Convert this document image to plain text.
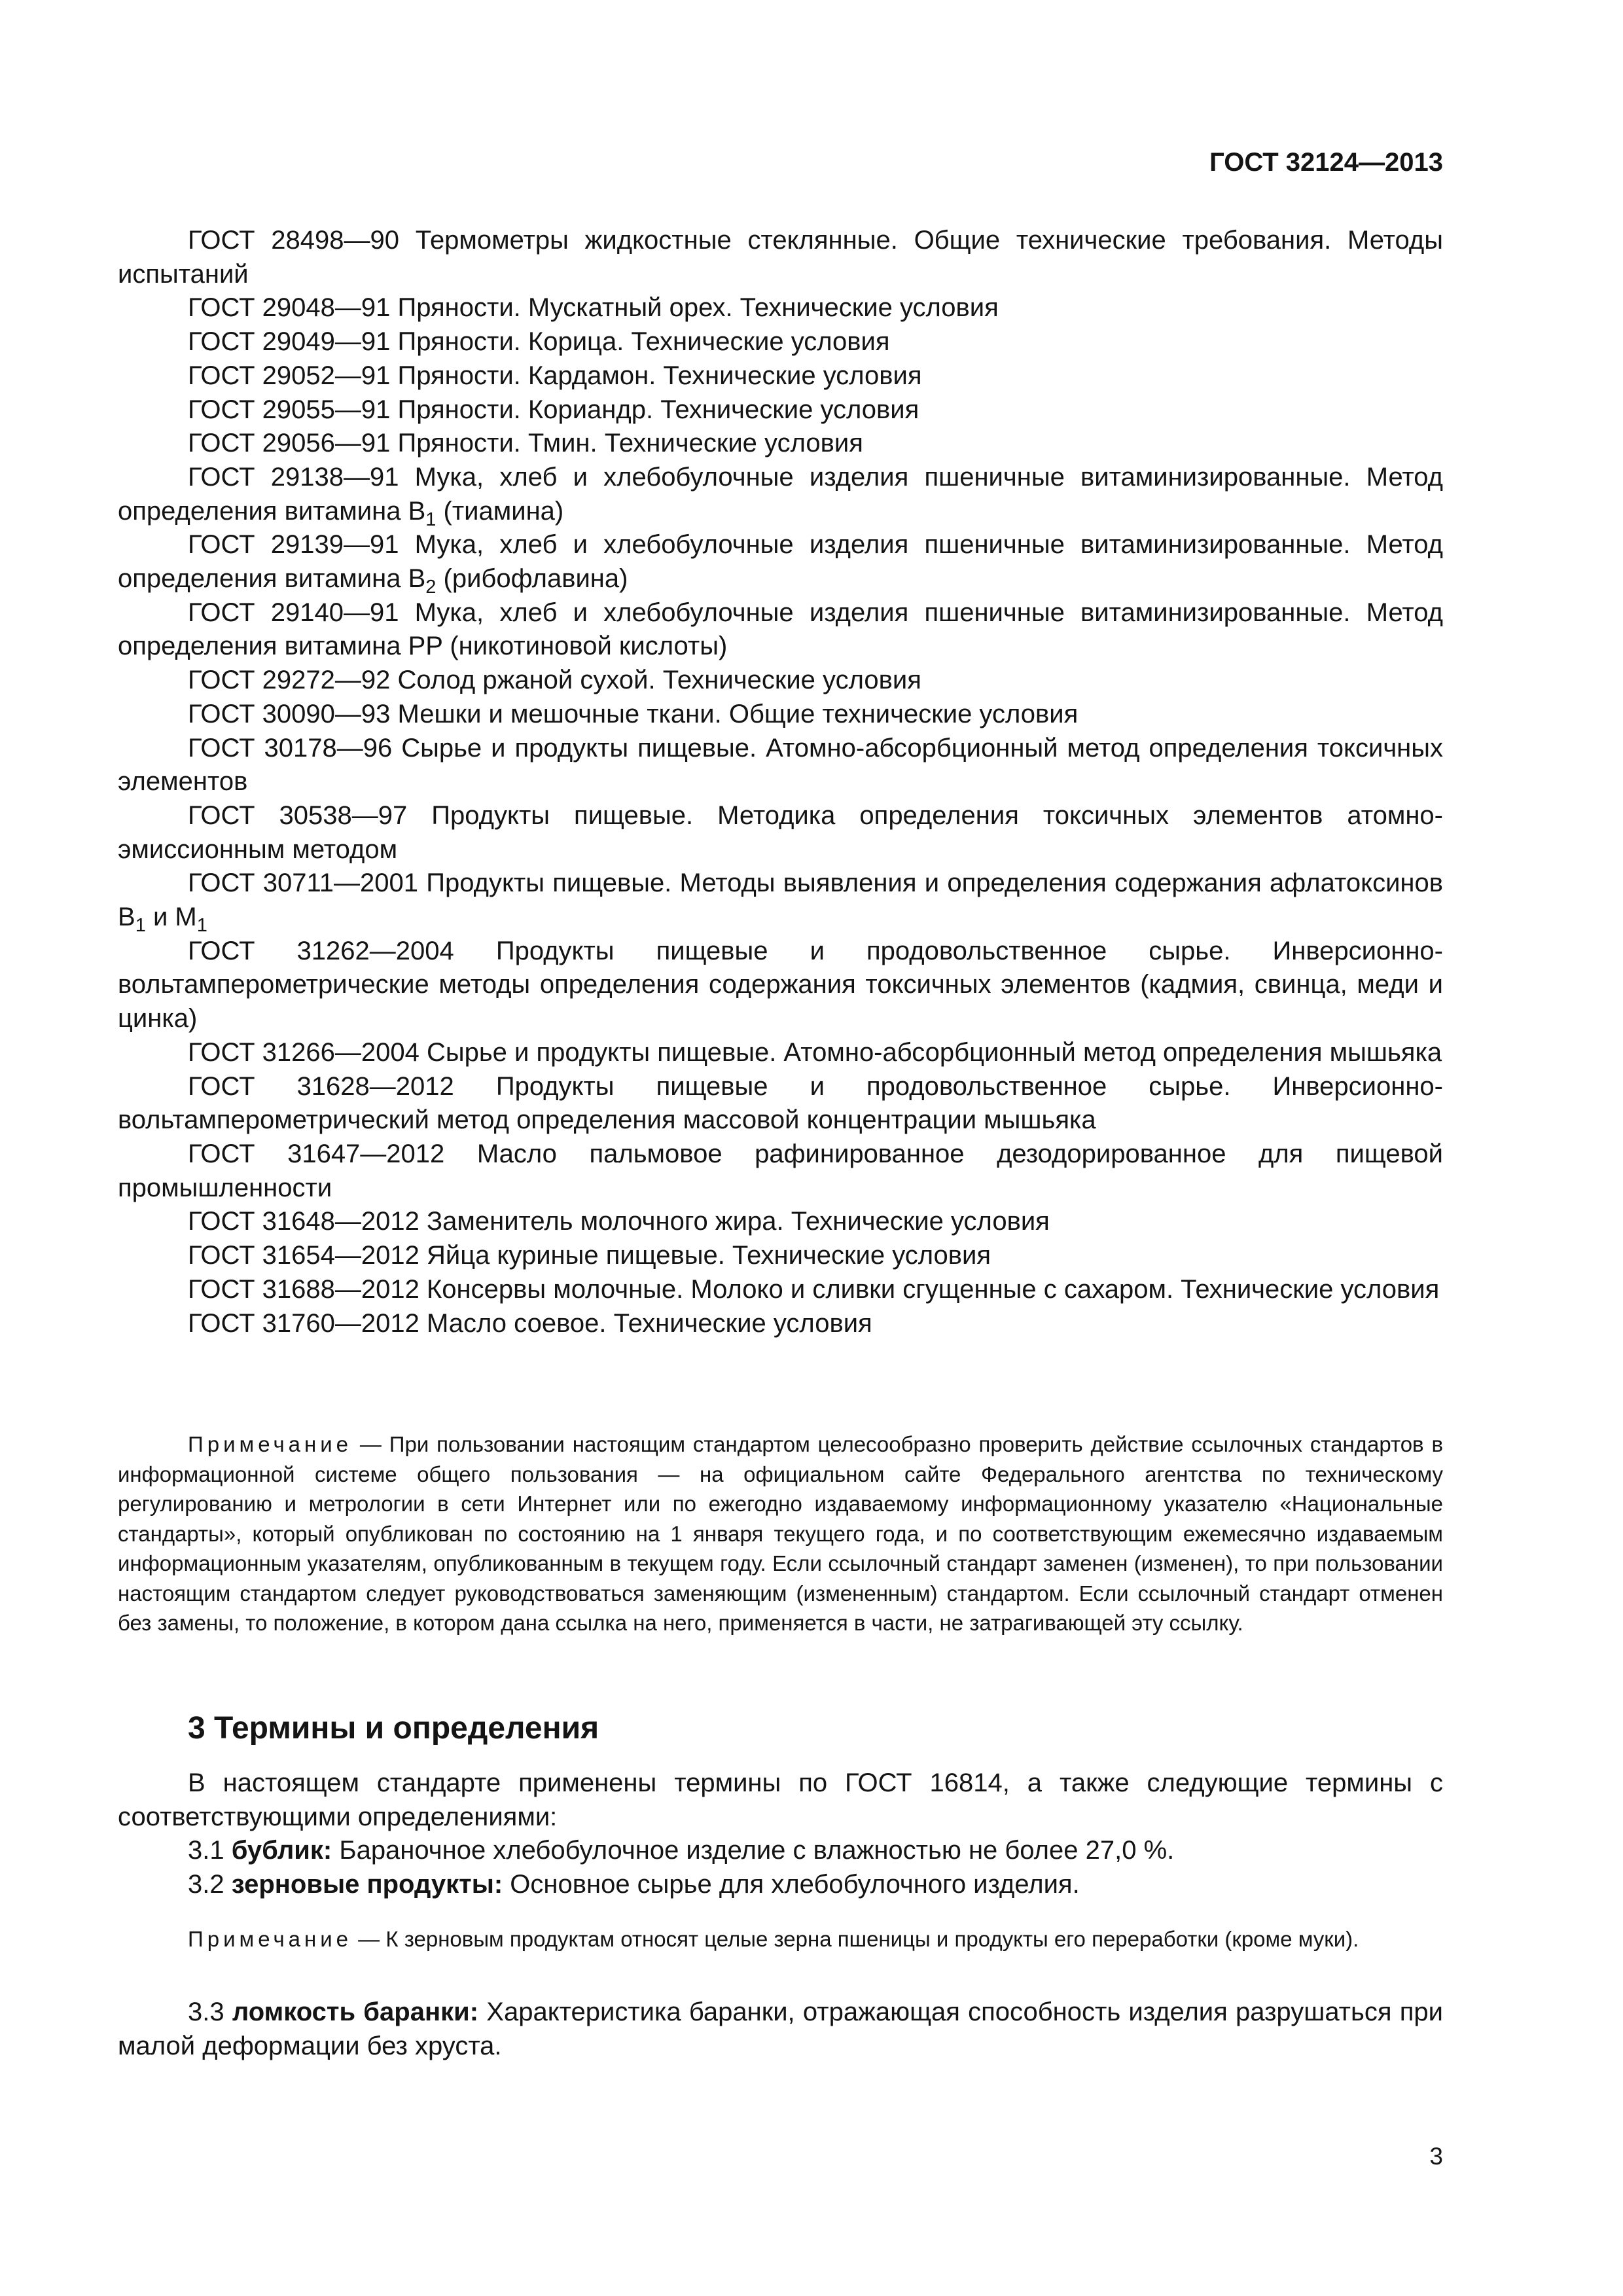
ГОСТ 32124—2013

ГОСТ 28498—90 Термометры жидкостные стеклянные. Общие технические требования. Методы испытаний

ГОСТ 29048—91 Пряности. Мускатный орех. Технические условия

ГОСТ 29049—91 Пряности. Корица. Технические условия

ГОСТ 29052—91 Пряности. Кардамон. Технические условия

ГОСТ 29055—91 Пряности. Кориандр. Технические условия

ГОСТ 29056—91 Пряности. Тмин. Технические условия

ГОСТ 29138—91 Мука, хлеб и хлебобулочные изделия пшеничные витаминизированные. Метод определения витамина $В_1$ (тиамина)

ГОСТ 29139—91 Мука, хлеб и хлебобулочные изделия пшеничные витаминизированные. Метод определения витамина $В_2$ (рибофлавина)

ГОСТ 29140—91 Мука, хлеб и хлебобулочные изделия пшеничные витаминизированные. Метод определения витамина PP (никотиновой кислоты)

ГОСТ 29272—92 Солод ржаной сухой. Технические условия

ГОСТ 30090—93 Мешки и мешочные ткани. Общие технические условия

ГОСТ 30178—96 Сырье и продукты пищевые. Атомно-абсорбционный метод определения токсичных элементов

ГОСТ 30538—97 Продукты пищевые. Методика определения токсичных элементов атомно-эмиссионным методом

ГОСТ 30711—2001 Продукты пищевые. Методы выявления и определения содержания афлатоксинов $В_1$ и $М_1$

ГОСТ 31262—2004 Продукты пищевые и продовольственное сырье. Инверсионно-вольтамперометрические методы определения содержания токсичных элементов (кадмия, свинца, меди и цинка)

ГОСТ 31266—2004 Сырье и продукты пищевые. Атомно-абсорбционный метод определения мышьяка

ГОСТ 31628—2012 Продукты пищевые и продовольственное сырье. Инверсионно-вольтамперометрический метод определения массовой концентрации мышьяка

ГОСТ 31647—2012 Масло пальмовое рафинированное дезодорированное для пищевой промышленности

ГОСТ 31648—2012 Заменитель молочного жира. Технические условия

ГОСТ 31654—2012 Яйца куриные пищевые. Технические условия

ГОСТ 31688—2012 Консервы молочные. Молоко и сливки сгущенные с сахаром. Технические условия

ГОСТ 31760—2012 Масло соевое. Технические условия

Примечание — При пользовании настоящим стандартом целесообразно проверить действие ссылочных стандартов в информационной системе общего пользования — на официальном сайте Федерального агентства по техническому регулированию и метрологии в сети Интернет или по ежегодно издаваемому информационному указателю «Национальные стандарты», который опубликован по состоянию на 1 января текущего года, и по соответствующим ежемесячно издаваемым информационным указателям, опубликованным в текущем году. Если ссылочный стандарт заменен (изменен), то при пользовании настоящим стандартом следует руководствоваться заменяющим (измененным) стандартом. Если ссылочный стандарт отменен без замены, то положение, в котором дана ссылка на него, применяется в части, не затрагивающей эту ссылку.

3 Термины и определения

В настоящем стандарте применены термины по ГОСТ 16814, а также следующие термины с соответствующими определениями:

3.1 бублик: Бараночное хлебобулочное изделие с влажностью не более 27,0 %.

3.2 зерновые продукты: Основное сырье для хлебобулочного изделия.

Примечание — К зерновым продуктам относят целые зерна пшеницы и продукты его переработки (кроме муки).

3.3 ломкость баранки: Характеристика баранки, отражающая способность изделия разрушаться при малой деформации без хруста.

3
